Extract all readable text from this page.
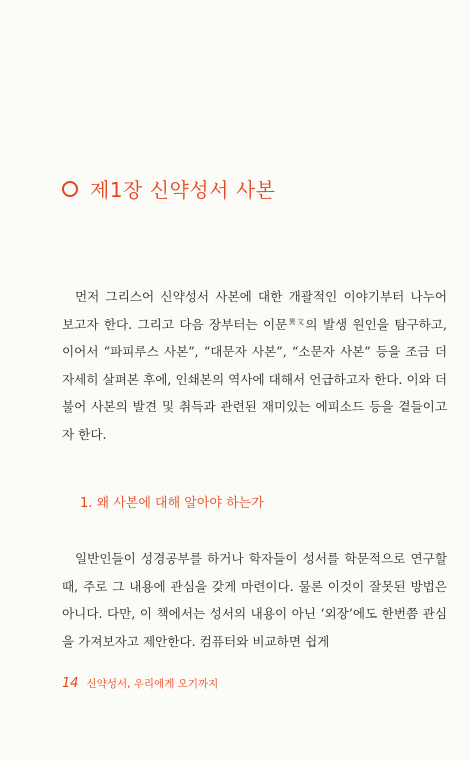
제1장 신약성서 사본

먼저 그리스어 신약성서 사본에 대한 개괄적인 이야기부터 나누어 보고자 한다. 그리고 다음 장부터는 이문$^{異文}$의 발생 원인을 탐구하고, 이어서 “파피루스 사본”, “대문자 사본”, “소문자 사본” 등을 조금 더 자세히 살펴본 후에, 인쇄본의 역사에 대해서 언급하고자 한다. 이와 더불어 사본의 발견 및 취득과 관련된 재미있는 에피소드 등을 곁들이고자 한다.

1. 왜 사본에 대해 알아야 하는가

일반인들이 성경공부를 하거나 학자들이 성서를 학문적으로 연구할 때, 주로 그 내용에 관심을 갖게 마련이다. 물론 이것이 잘못된 방법은 아니다. 다만, 이 책에서는 성서의 내용이 아닌 ‘외장’에도 한번쯤 관심을 가져보자고 제안한다. 컴퓨터와 비교하면 쉽게

14 신약성서, 우리에게 오기까지
